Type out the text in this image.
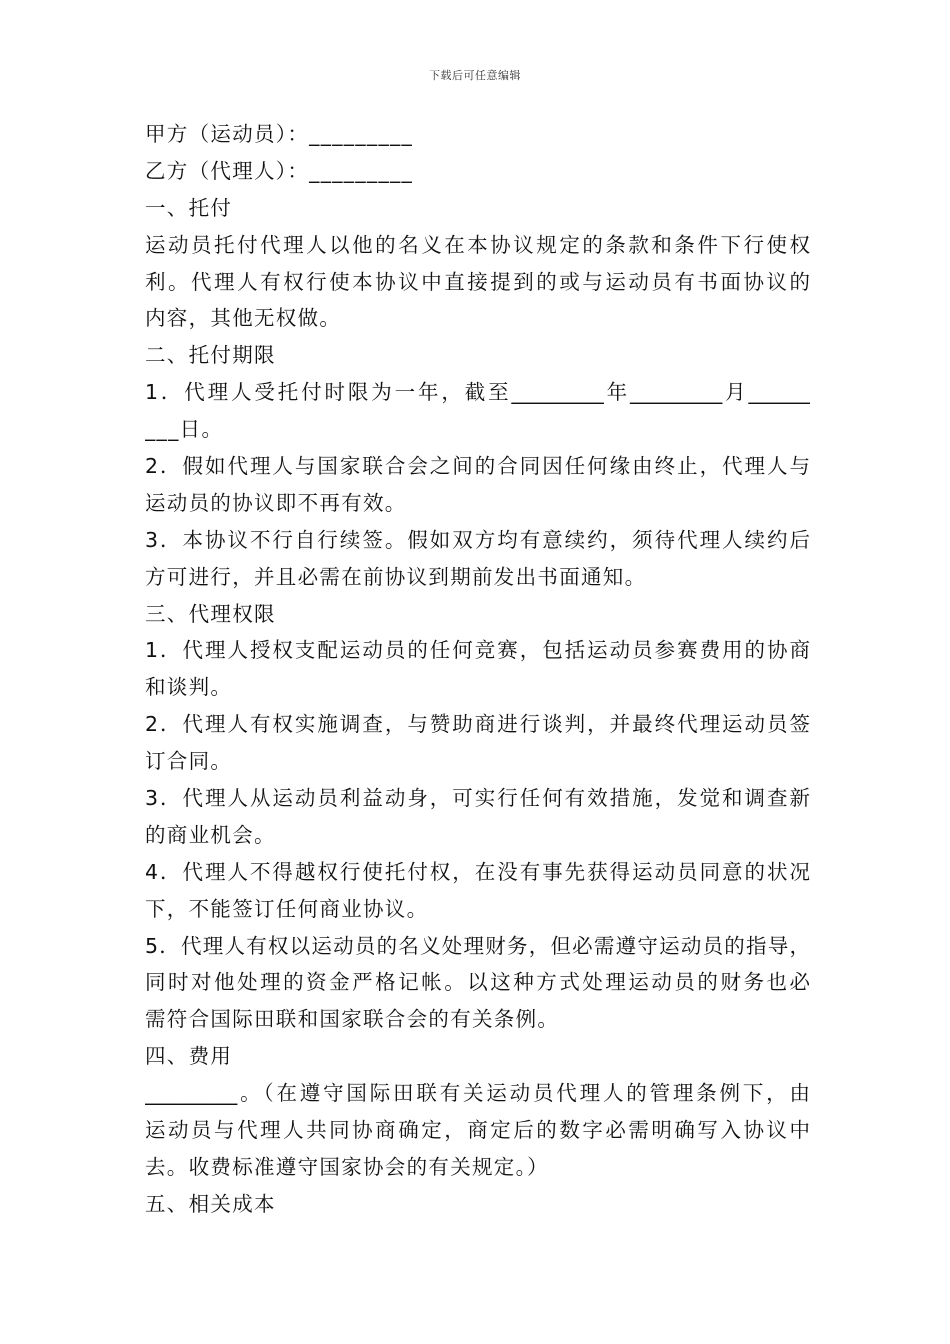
下载后可任意编辑
甲方（运动员）：_________
乙方（代理人）：_________
一、托付
运动员托付代理人以他的名义在本协议规定的条款和条件下行使权
利。代理人有权行使本协议中直接提到的或与运动员有书面协议的
内容，其他无权做。
二、托付期限
1．代理人受托付时限为一年，截至_________年_________月______
___日。
2．假如代理人与国家联合会之间的合同因任何缘由终止，代理人与
运动员的协议即不再有效。
3．本协议不行自行续签。假如双方均有意续约，须待代理人续约后
方可进行，并且必需在前协议到期前发出书面通知。
三、代理权限
1．代理人授权支配运动员的任何竞赛，包括运动员参赛费用的协商
和谈判。
2．代理人有权实施调查，与赞助商进行谈判，并最终代理运动员签
订合同。
3．代理人从运动员利益动身，可实行任何有效措施，发觉和调查新
的商业机会。
4．代理人不得越权行使托付权，在没有事先获得运动员同意的状况
下，不能签订任何商业协议。
5．代理人有权以运动员的名义处理财务，但必需遵守运动员的指导，
同时对他处理的资金严格记帐。以这种方式处理运动员的财务也必
需符合国际田联和国家联合会的有关条例。
四、费用
_________。（在遵守国际田联有关运动员代理人的管理条例下，由
运动员与代理人共同协商确定，商定后的数字必需明确写入协议中
去。收费标准遵守国家协会的有关规定。）
五、相关成本
